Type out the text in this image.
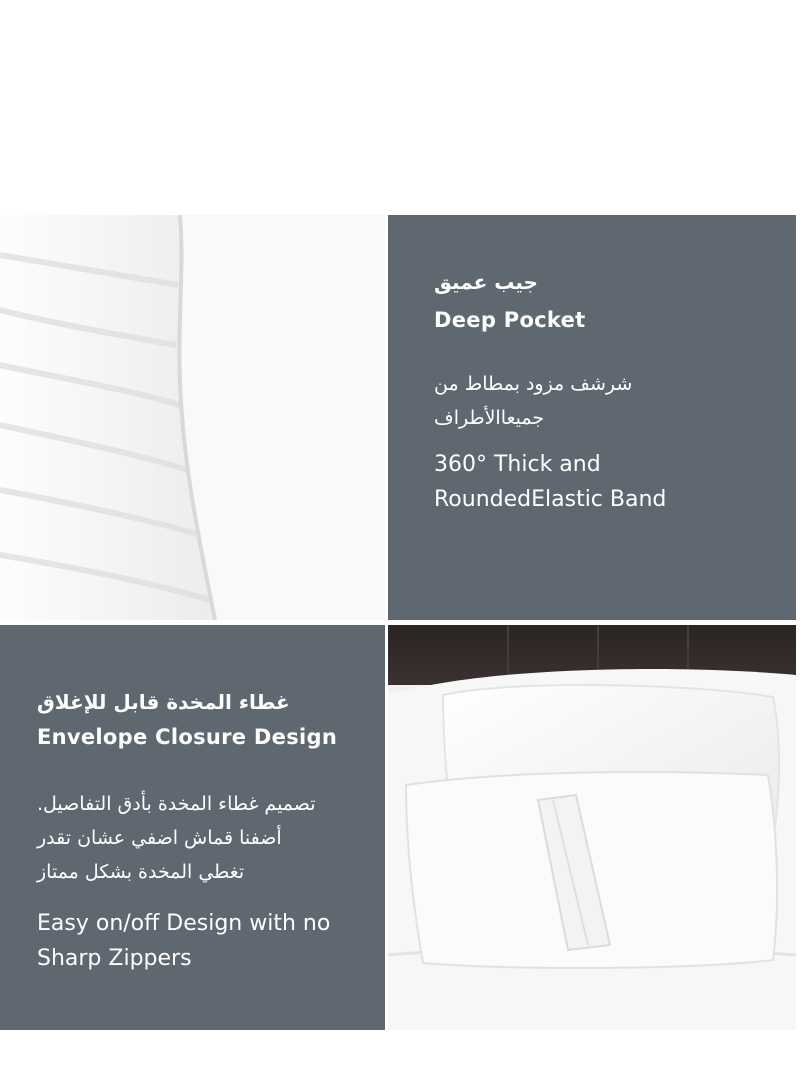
جيب عميق
Deep Pocket
شرشف مزود بمطاط من
جميعاالأطراف
360° Thick and
RoundedElastic Band
غطاء المخدة قابل للإغلاق
Envelope Closure Design
تصميم غطاء المخدة بأدق التفاصيل.
أضفنا قماش اضفي عشان تقدر
تغطي المخدة بشكل ممتاز
Easy on/off Design with no
Sharp Zippers
